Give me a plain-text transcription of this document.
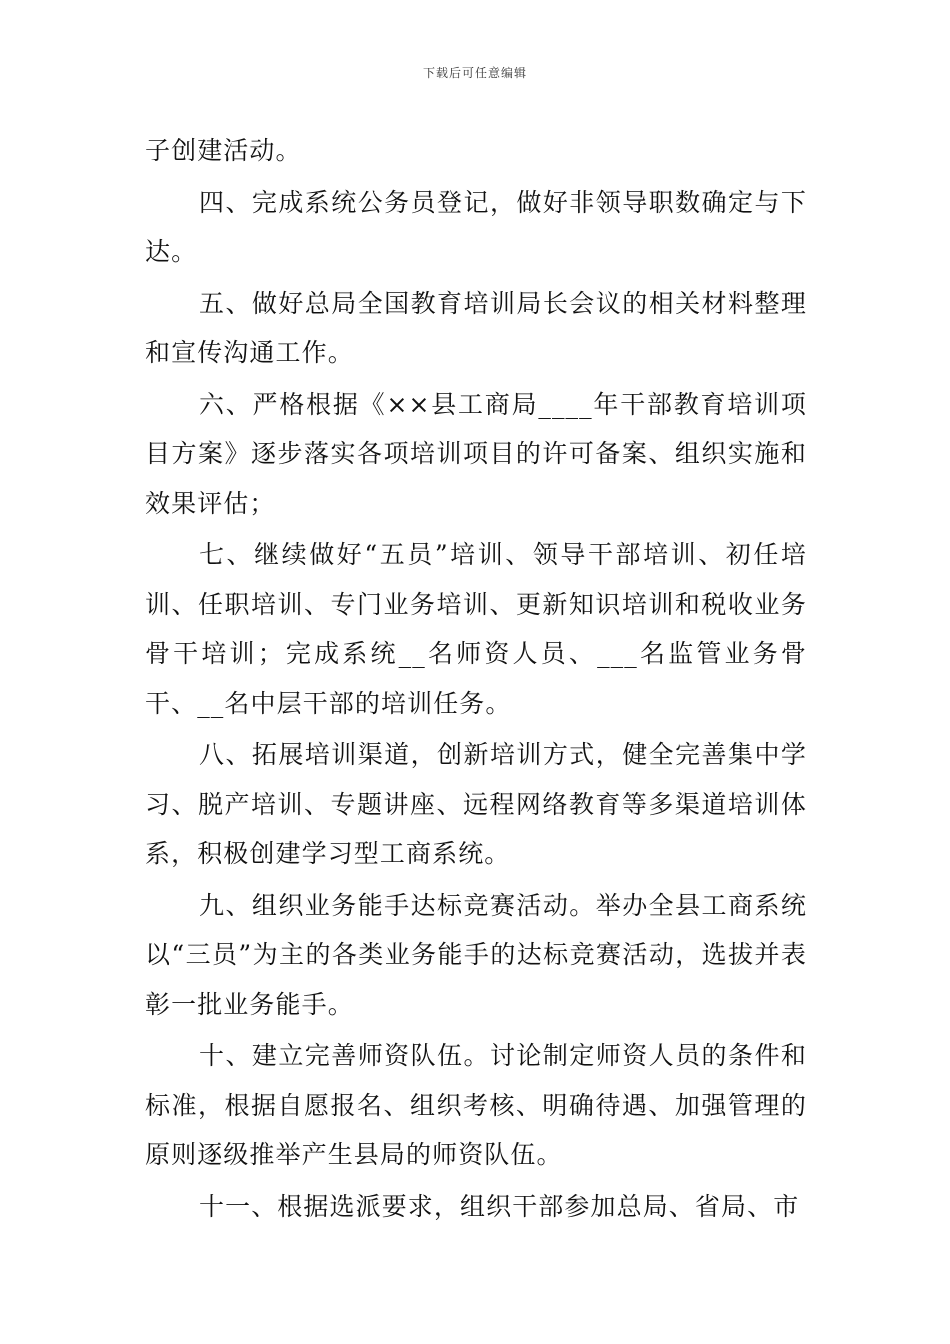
下载后可任意编辑

子创建活动。

四、完成系统公务员登记，做好非领导职数确定与下达。

五、做好总局全国教育培训局长会议的相关材料整理和宣传沟通工作。

六、严格根据《××县工商局____年干部教育培训项目方案》逐步落实各项培训项目的许可备案、组织实施和效果评估；

七、继续做好“五员”培训、领导干部培训、初任培训、任职培训、专门业务培训、更新知识培训和税收业务骨干培训；完成系统__名师资人员、___名监管业务骨干、__名中层干部的培训任务。

八、拓展培训渠道，创新培训方式，健全完善集中学习、脱产培训、专题讲座、远程网络教育等多渠道培训体系，积极创建学习型工商系统。

九、组织业务能手达标竞赛活动。举办全县工商系统以“三员”为主的各类业务能手的达标竞赛活动，选拔并表彰一批业务能手。

十、建立完善师资队伍。讨论制定师资人员的条件和标准，根据自愿报名、组织考核、明确待遇、加强管理的原则逐级推举产生县局的师资队伍。

十一、根据选派要求，组织干部参加总局、省局、市
